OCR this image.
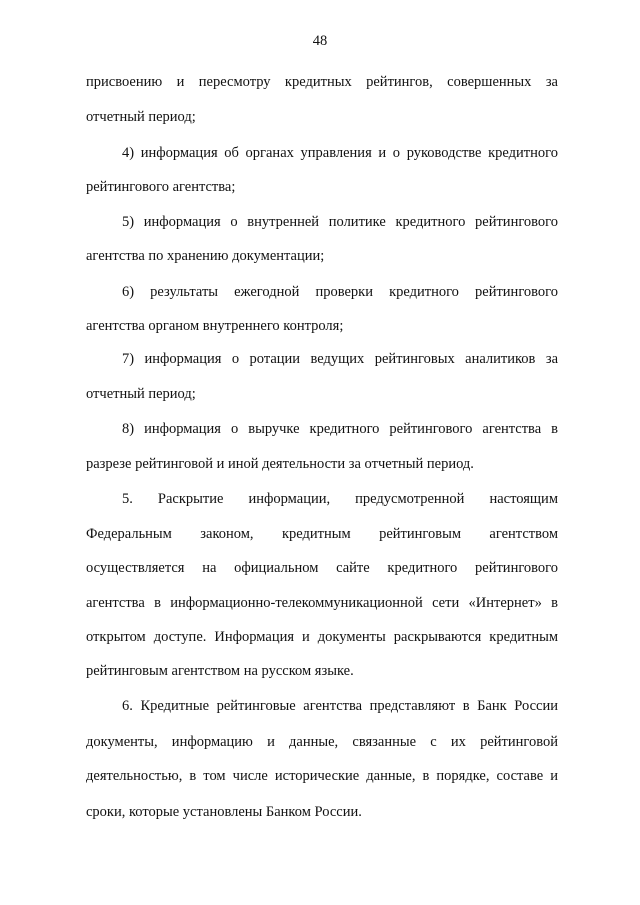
48
присвоению и пересмотру кредитных рейтингов, совершенных за
отчетный период;
4) информация об органах управления и о руководстве кредитного
рейтингового агентства;
5) информация о внутренней политике кредитного рейтингового
агентства по хранению документации;
6) результаты ежегодной проверки кредитного рейтингового
агентства органом внутреннего контроля;
7) информация о ротации ведущих рейтинговых аналитиков за
отчетный период;
8) информация о выручке кредитного рейтингового агентства в
разрезе рейтинговой и иной деятельности за отчетный период.
5. Раскрытие информации, предусмотренной настоящим
Федеральным законом, кредитным рейтинговым агентством
осуществляется на официальном сайте кредитного рейтингового
агентства в информационно-телекоммуникационной сети «Интернет» в
открытом доступе. Информация и документы раскрываются кредитным
рейтинговым агентством на русском языке.
6. Кредитные рейтинговые агентства представляют в Банк России
документы, информацию и данные, связанные с их рейтинговой
деятельностью, в том числе исторические данные, в порядке, составе и
сроки, которые установлены Банком России.
